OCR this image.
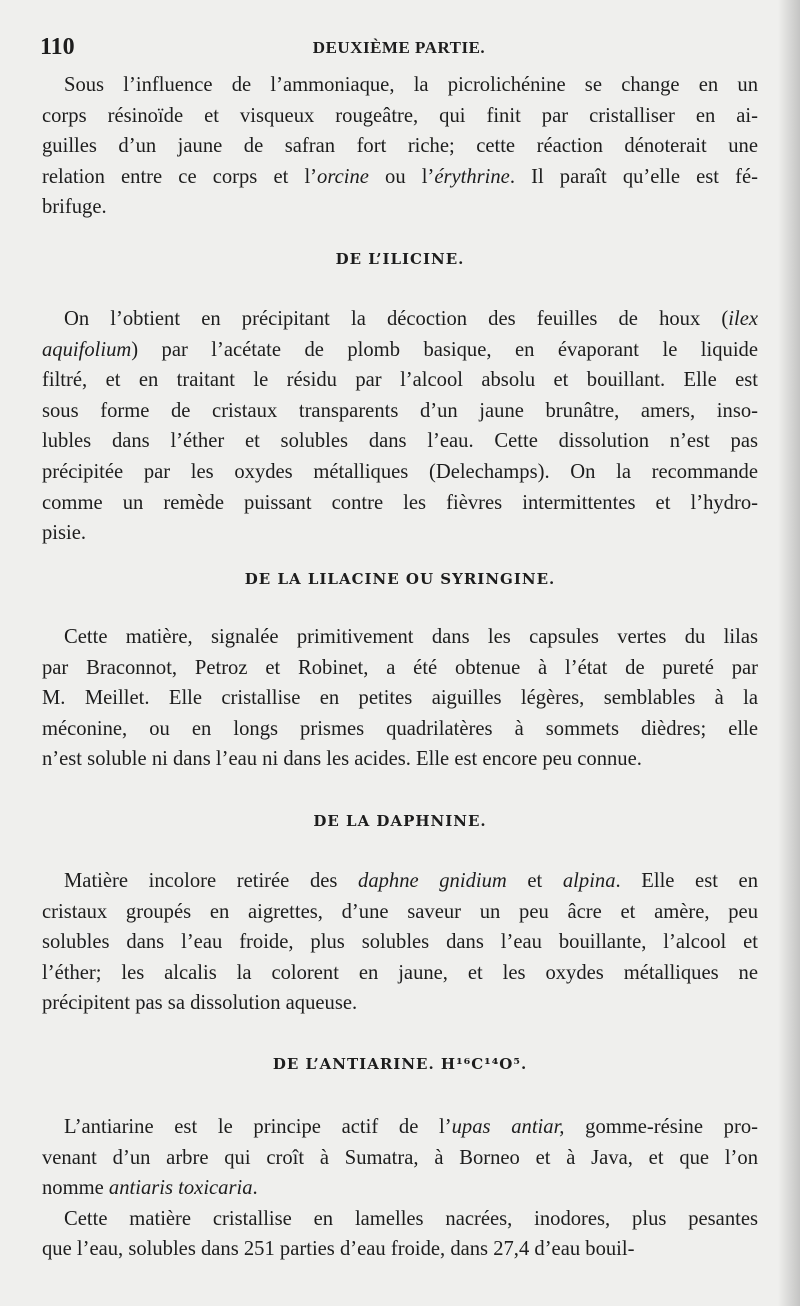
110	DEUXIÈME PARTIE.
Sous l’influence de l’ammoniaque, la picrolichénine se change en un
corps résinoïde et visqueux rougeâtre, qui finit par cristalliser en ai-
guilles d’un jaune de safran fort riche; cette réaction dénoterait une
relation entre ce corps et l’orcine ou l’érythrine. Il paraît qu’elle est fé-
brifuge.
DE L’ILICINE.
On l’obtient en précipitant la décoction des feuilles de houx (ilex
aquifolium) par l’acétate de plomb basique, en évaporant le liquide
filtré, et en traitant le résidu par l’alcool absolu et bouillant. Elle est
sous forme de cristaux transparents d’un jaune brunâtre, amers, inso-
lubles dans l’éther et solubles dans l’eau. Cette dissolution n’est pas
précipitée par les oxydes métalliques (Delechamps). On la recommande
comme un remède puissant contre les fièvres intermittentes et l’hydro-
pisie.
DE LA LILACINE OU SYRINGINE.
Cette matière, signalée primitivement dans les capsules vertes du lilas
par Braconnot, Petroz et Robinet, a été obtenue à l’état de pureté par
M. Meillet. Elle cristallise en petites aiguilles légères, semblables à la
méconine, ou en longs prismes quadrilatères à sommets dièdres; elle
n’est soluble ni dans l’eau ni dans les acides. Elle est encore peu connue.
DE LA DAPHNINE.
Matière incolore retirée des daphne gnidium et alpina. Elle est en
cristaux groupés en aigrettes, d’une saveur un peu âcre et amère, peu
solubles dans l’eau froide, plus solubles dans l’eau bouillante, l’alcool et
l’éther; les alcalis la colorent en jaune, et les oxydes métalliques ne
précipitent pas sa dissolution aqueuse.
DE L’ANTIARINE. H¹⁶C¹⁴O⁵.
L’antiarine est le principe actif de l’upas antiar, gomme-résine pro-
venant d’un arbre qui croît à Sumatra, à Borneo et à Java, et que l’on
nomme antiaris toxicaria.
Cette matière cristallise en lamelles nacrées, inodores, plus pesantes
que l’eau, solubles dans 251 parties d’eau froide, dans 27,4 d’eau bouil-
